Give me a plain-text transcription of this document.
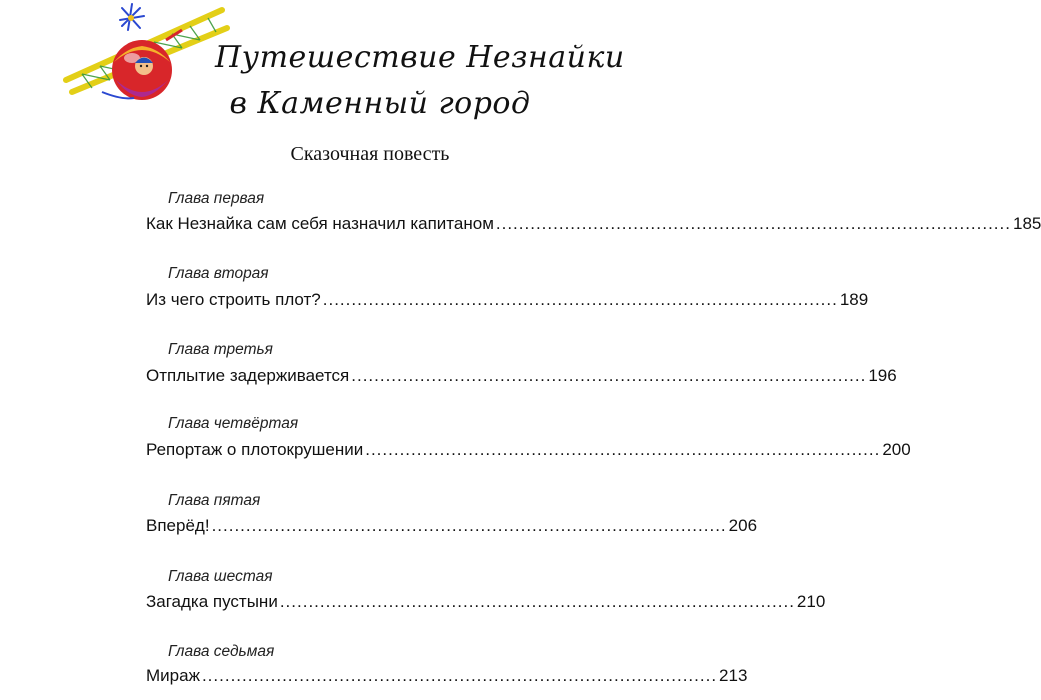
Путешествие Незнайки
в Каменный город
Сказочная повесть
Глава первая
Как Незнайка сам себя назначил капитаном .......................................................................................... 185
Глава вторая
Из чего строить плот? .......................................................................................... 189
Глава третья
Отплытие задерживается .......................................................................................... 196
Глава четвёртая
Репортаж о плотокрушении .......................................................................................... 200
Глава пятая
Вперёд! .......................................................................................... 206
Глава шестая
Загадка пустыни .......................................................................................... 210
Глава седьмая
Мираж .......................................................................................... 213
